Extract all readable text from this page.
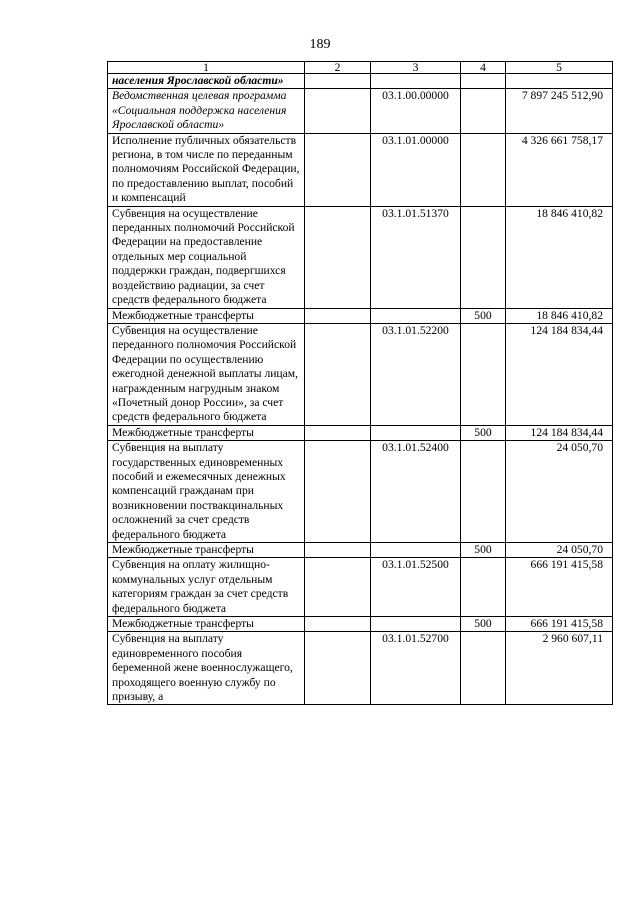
189
1	2	3	4	5
населения Ярославской области»				
Ведомственная целевая программа «Социальная поддержка населения Ярославской области»		03.1.00.00000		7 897 245 512,90
Исполнение публичных обязательств региона, в том числе по переданным полномочиям Российской Федерации, по предоставлению выплат, пособий и компенсаций		03.1.01.00000		4 326 661 758,17
Субвенция на осуществление переданных полномочий Российской Федерации на предоставление отдельных мер социальной поддержки граждан, подвергшихся воздействию радиации, за счет средств федерального бюджета		03.1.01.51370		18 846 410,82
Межбюджетные трансферты			500	18 846 410,82
Субвенция на осуществление переданного полномочия Российской Федерации по осуществлению ежегодной денежной выплаты лицам, награжденным нагрудным знаком «Почетный донор России», за счет средств федерального бюджета		03.1.01.52200		124 184 834,44
Межбюджетные трансферты			500	124 184 834,44
Субвенция на выплату государственных единовременных пособий и ежемесячных денежных компенсаций гражданам при возникновении поствакцинальных осложнений за счет средств федерального бюджета		03.1.01.52400		24 050,70
Межбюджетные трансферты			500	24 050,70
Субвенция на оплату жилищно-коммунальных услуг отдельным категориям граждан за счет средств федерального бюджета		03.1.01.52500		666 191 415,58
Межбюджетные трансферты			500	666 191 415,58
Субвенция на выплату единовременного пособия беременной жене военнослужащего, проходящего военную службу по призыву, а		03.1.01.52700		2 960 607,11
